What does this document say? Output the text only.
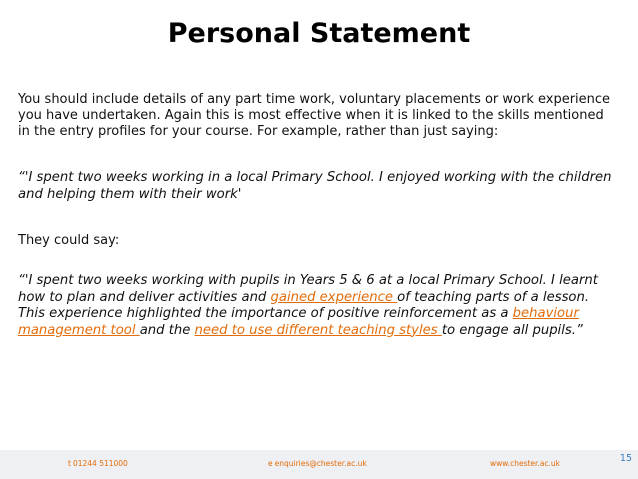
Personal Statement

You should include details of any part time work, voluntary placements or work experience you have undertaken. Again this is most effective when it is linked to the skills mentioned in the entry profiles for your course. For example, rather than just saying:

“'I spent two weeks working in a local Primary School. I enjoyed working with the children and helping them with their work'

They could say:

“'I spent two weeks working with pupils in Years 5 & 6 at a local Primary School. I learnt how to plan and deliver activities and gained experience of teaching parts of a lesson. This experience highlighted the importance of positive reinforcement as a behaviour management tool and the need to use different teaching styles to engage all pupils.”

t 01244 511000	e enquiries@chester.ac.uk	www.chester.ac.uk	15
